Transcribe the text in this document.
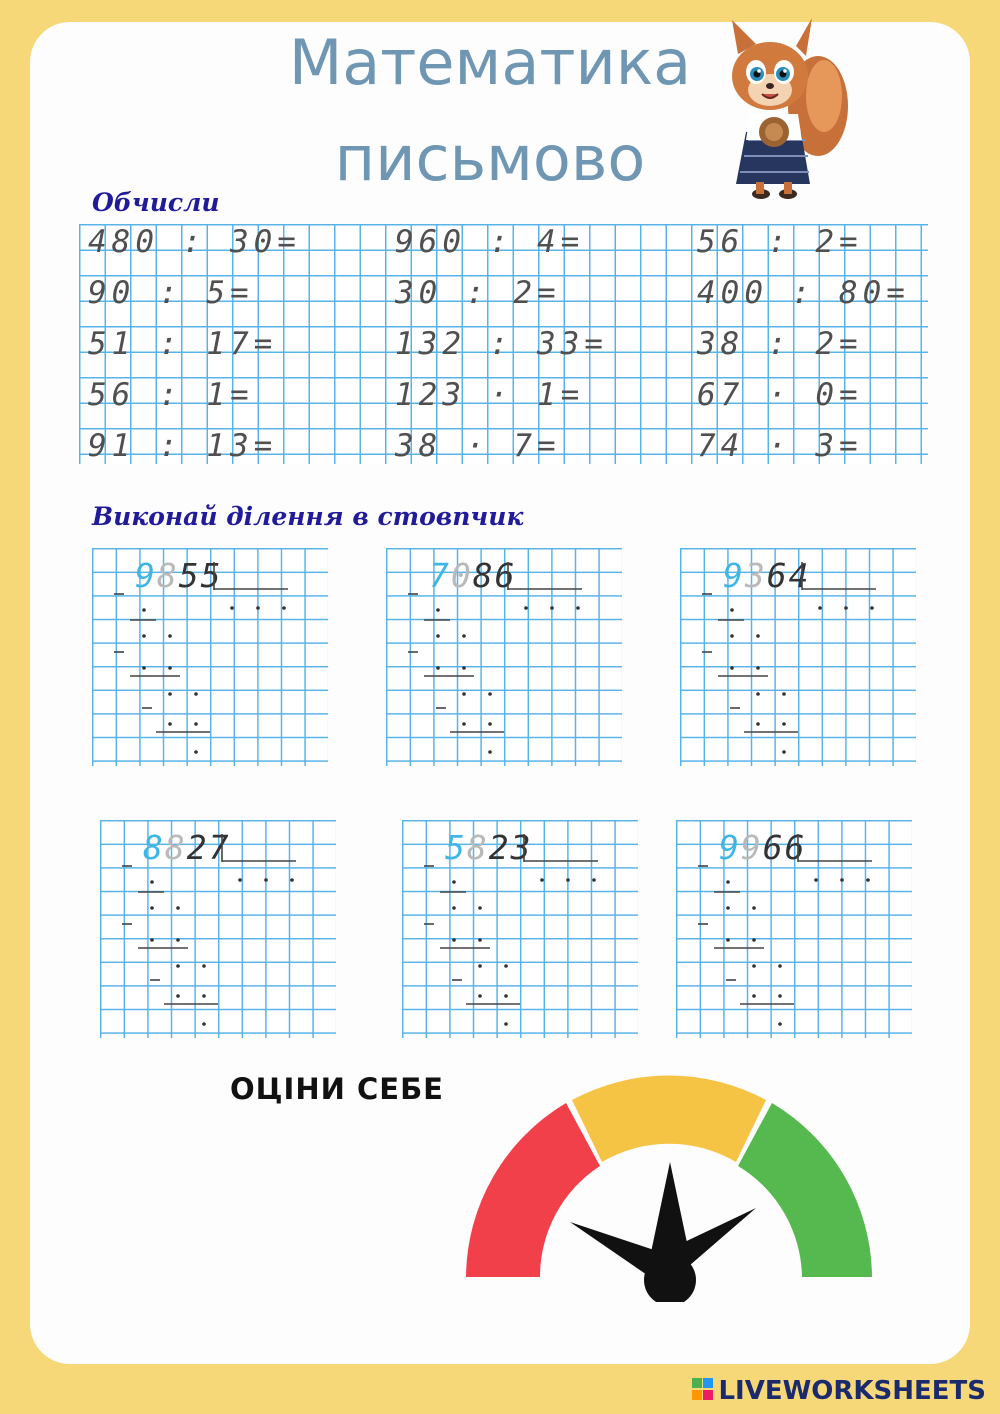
Математика
письмово
Обчисли
480 : 30=
90 : 5=
51 : 17=
56 : 1=
91 : 13=
960 : 4=
30 : 2=
132 : 33=
123 · 1=
38 · 7=
56 : 2=
400 : 80=
38 : 2=
67 · 0=
74 · 3=
Виконай ділення в стовпчик
9855	7086	9364
8827	5823	9966
ОЦІНИ СЕБЕ
LIVEWORKSHEETS
